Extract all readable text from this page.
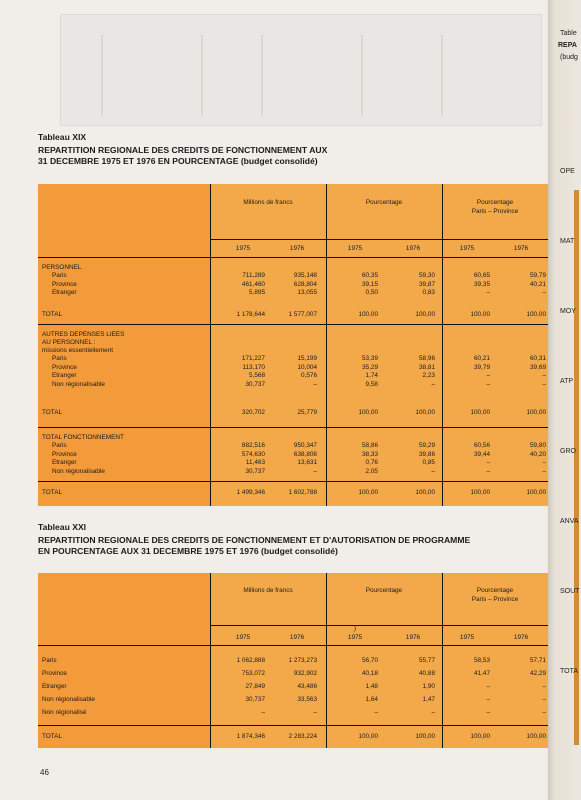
Table
REPA
(budg
OPE
MAT
MOY
ATP
GRO
ANVA
SOUT
TOTA
Tableau XIX
REPARTITION REGIONALE DES CREDITS DE FONCTIONNEMENT AUX
31 DECEMBRE 1975 ET 1976 EN POURCENTAGE (budget consolidé)
Millions de francs	Pourcentage	Pourcentage
Paris – Province
1975	1976	1975	1976	1975	1976
PERSONNEL
Paris	711,289	935,148	60,35	59,30	60,65	59,79
Province	461,460	628,804	39,15	39,87	39,35	40,21
Etranger	5,895	13,055	0,50	0,83	–	–
TOTAL	1 178,644	1 577,007	100,00	100,00	100,00	100,00
AUTRES DEPENSES LIEES
AU PERSONNEL :
missions essentiellement
Paris	171,227	15,199	53,39	58,96	60,21	60,31
Province	113,170	10,004	35,29	38,81	39,79	39,69
Etranger	5,568	0,576	1,74	2,23	–	–
Non régionalisable	30,737	–	9,58	–	–	–
TOTAL	320,702	25,779	100,00	100,00	100,00	100,00
TOTAL FONCTIONNEMENT
Paris	882,516	950,347	58,86	59,29	60,56	59,80
Province	574,630	638,808	38,33	39,86	39,44	40,20
Etranger	11,463	13,631	0,76	0,85	–	–
Non régionalisable	30,737	–	2,05	–	–	–
TOTAL	1 499,346	1 602,788	100,00	100,00	100,00	100,00
Tableau XXI
REPARTITION REGIONALE DES CREDITS DE FONCTIONNEMENT ET D'AUTORISATION DE PROGRAMME
EN POURCENTAGE AUX 31 DECEMBRE 1975 ET 1976 (budget consolidé)
Millions de francs	Pourcentage	Pourcentage
Paris – Province
)
1975	1976	1975	1976	1975	1976
Paris	1 062,888	1 273,273	56,70	55,77	58,53	57,71
Province	753,072	932,902	40,18	40,88	41,47	42,29
Etranger	27,849	43,486	1,48	1,90	–	–
Non régionalisable	30,737	33,563	1,64	1,47	–	–
Non régionalisé	–	–	–	–	–	–
TOTAL	1 874,346	2 283,224	100,00	100,00	100,00	100,00
46
